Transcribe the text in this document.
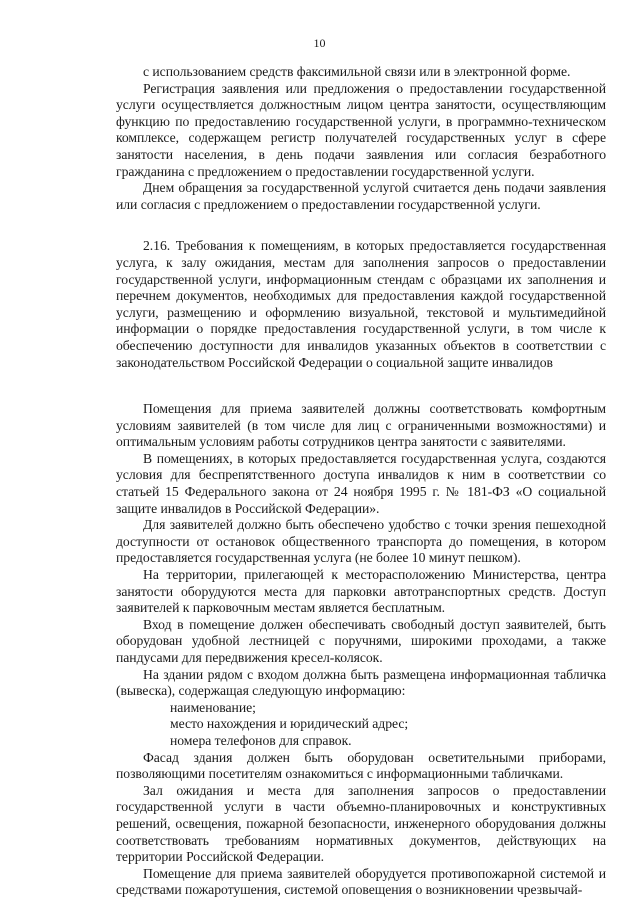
10

с использованием средств факсимильной связи или в электронной форме.

Регистрация заявления или предложения о предоставлении государственной услуги осуществляется должностным лицом центра занятости, осуществляющим функцию по предоставлению государственной услуги, в программно-техническом комплексе, содержащем регистр получателей государственных услуг в сфере занятости населения, в день подачи заявления или согласия безработного гражданина с предложением о предоставлении государственной услуги.

Днем обращения за государственной услугой считается день подачи заявления или согласия с предложением о предоставлении государственной услуги.

2.16. Требования к помещениям, в которых предоставляется государственная услуга, к залу ожидания, местам для заполнения запросов о предоставлении государственной услуги, информационным стендам с образцами их заполнения и перечнем документов, необходимых для предоставления каждой государственной услуги, размещению и оформлению визуальной, текстовой и мультимедийной информации о порядке предоставления государственной услуги, в том числе к обеспечению доступности для инвалидов указанных объектов в соответствии с законодательством Российской Федерации о социальной защите инвалидов

Помещения для приема заявителей должны соответствовать комфортным условиям заявителей (в том числе для лиц с ограниченными возможностями) и оптимальным условиям работы сотрудников центра занятости с заявителями.

В помещениях, в которых предоставляется государственная услуга, создаются условия для беспрепятственного доступа инвалидов к ним в соответствии со статьей 15 Федерального закона от 24 ноября 1995 г. № 181-ФЗ «О социальной защите инвалидов в Российской Федерации».

Для заявителей должно быть обеспечено удобство с точки зрения пешеходной доступности от остановок общественного транспорта до помещения, в котором предоставляется государственная услуга (не более 10 минут пешком).

На территории, прилегающей к месторасположению Министерства, центра занятости оборудуются места для парковки автотранспортных средств. Доступ заявителей к парковочным местам является бесплатным.

Вход в помещение должен обеспечивать свободный доступ заявителей, быть оборудован удобной лестницей с поручнями, широкими проходами, а также пандусами для передвижения кресел-колясок.

На здании рядом с входом должна быть размещена информационная табличка (вывеска), содержащая следующую информацию:

наименование;

место нахождения и юридический адрес;

номера телефонов для справок.

Фасад здания должен быть оборудован осветительными приборами, позволяющими посетителям ознакомиться с информационными табличками.

Зал ожидания и места для заполнения запросов о предоставлении государственной услуги в части объемно-планировочных и конструктивных решений, освещения, пожарной безопасности, инженерного оборудования должны соответствовать требованиям нормативных документов, действующих на территории Российской Федерации.

Помещение для приема заявителей оборудуется противопожарной системой и средствами пожаротушения, системой оповещения о возникновении чрезвычай-
